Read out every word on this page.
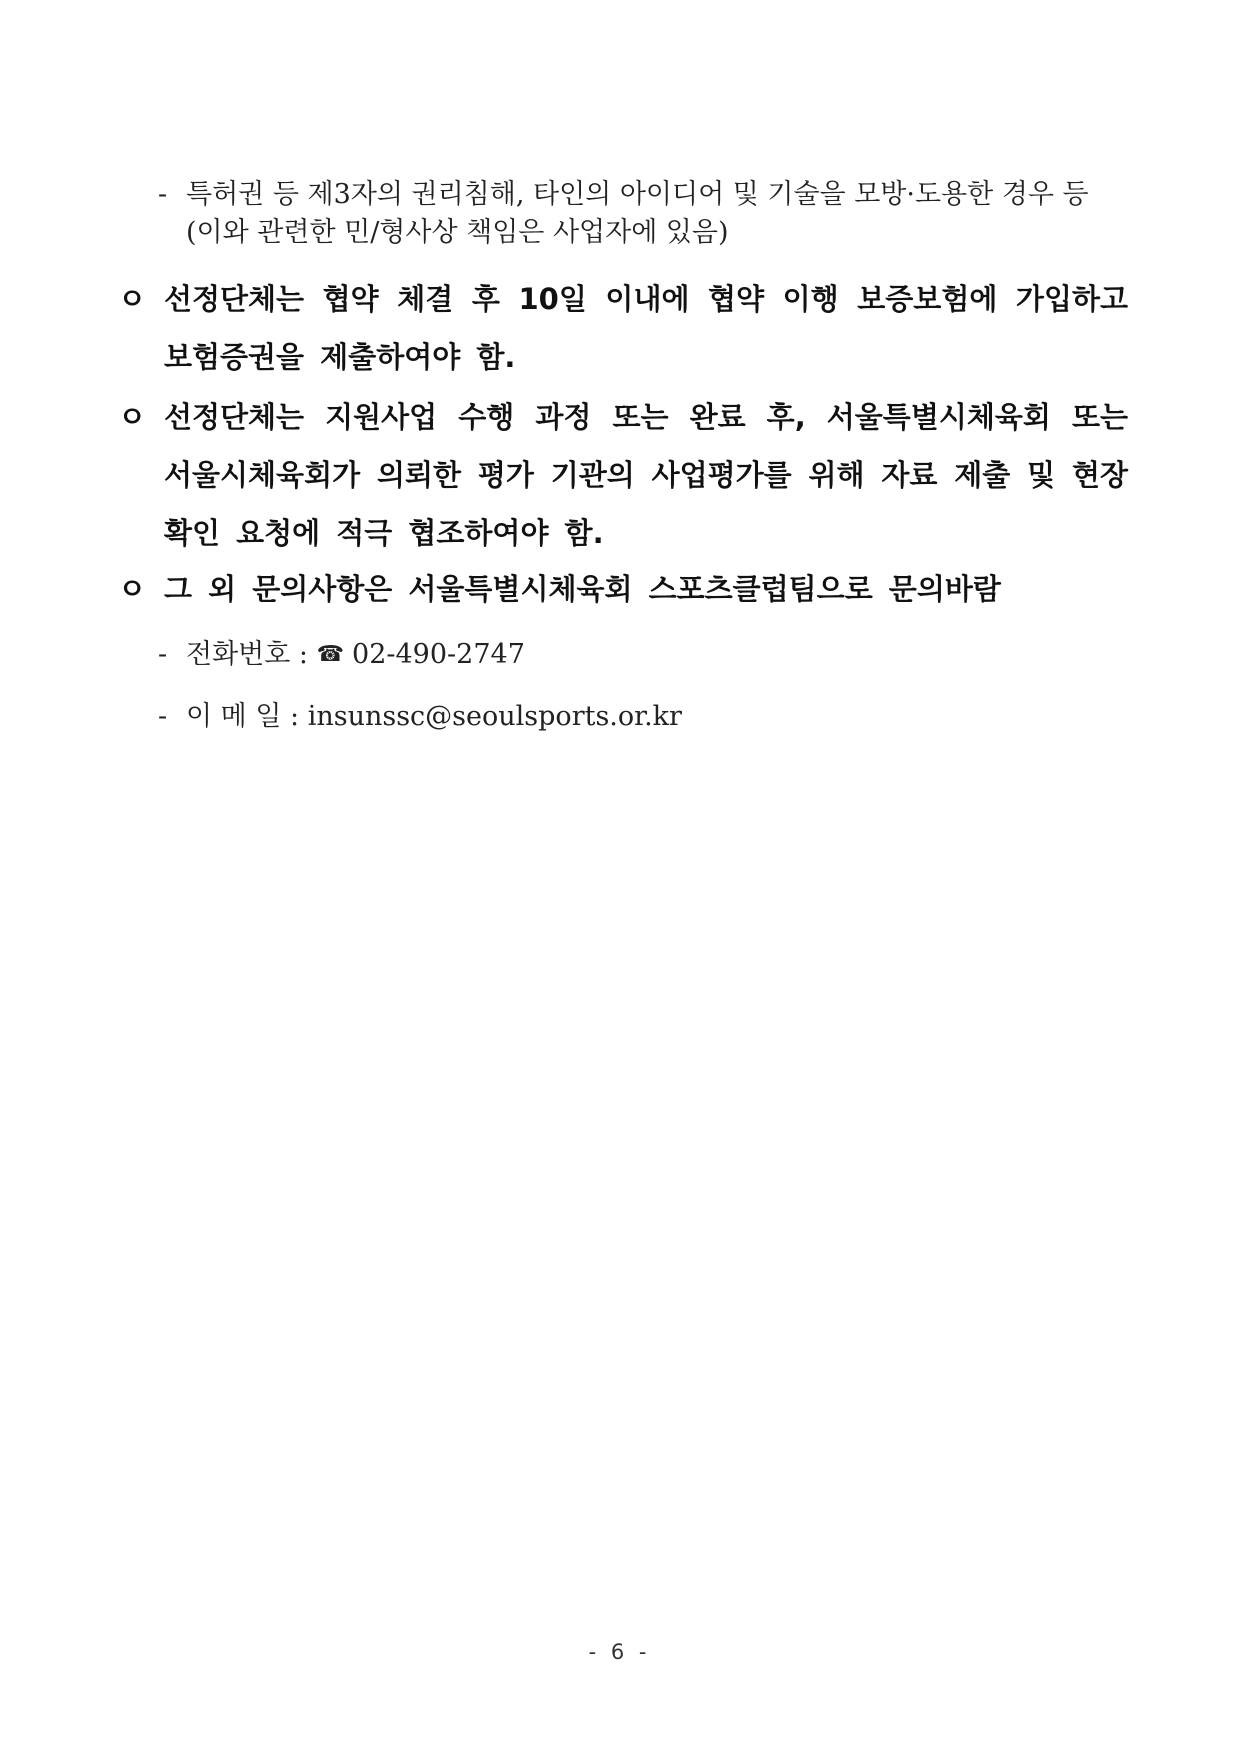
- 특허권 등 제3자의 권리침해, 타인의 아이디어 및 기술을 모방·도용한 경우 등
(이와 관련한 민/형사상 책임은 사업자에 있음)
ㅇ 선정단체는 협약 체결 후 10일 이내에 협약 이행 보증보험에 가입하고 보험증권을 제출하여야 함.
ㅇ 선정단체는 지원사업 수행 과정 또는 완료 후, 서울특별시체육회 또는 서울시체육회가 의뢰한 평가 기관의 사업평가를 위해 자료 제출 및 현장 확인 요청에 적극 협조하여야 함.
ㅇ 그 외 문의사항은 서울특별시체육회 스포츠클럽팀으로 문의바람
- 전화번호 : ☎ 02-490-2747
- 이 메 일 : insunssc@seoulsports.or.kr
- 6 -
